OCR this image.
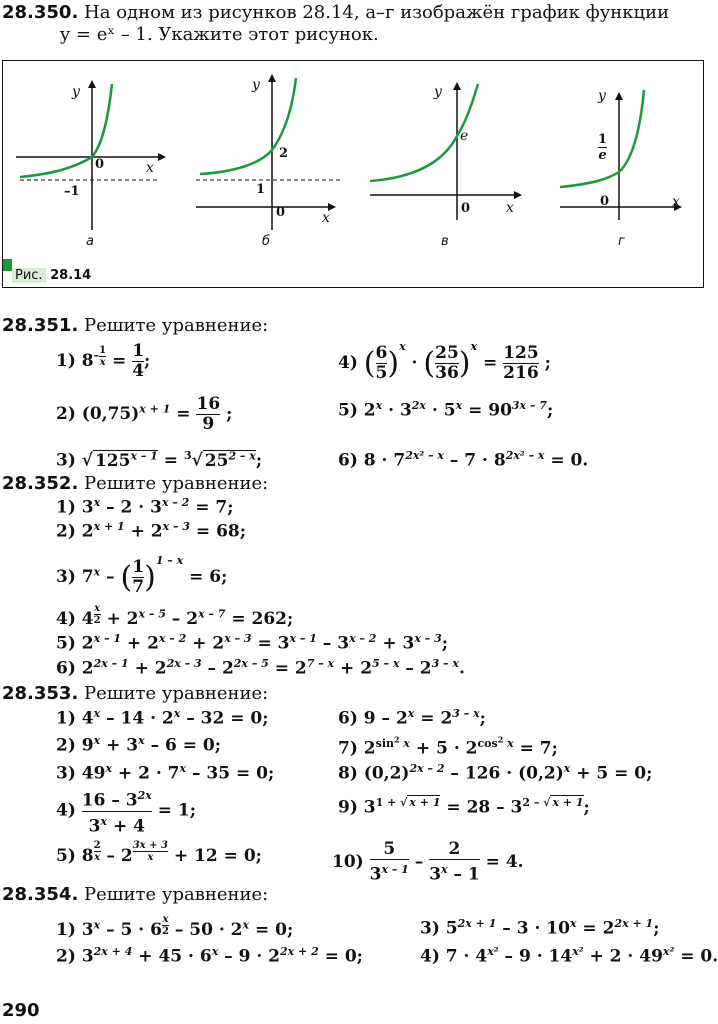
28.350. На одном из рисунков 28.14, а–г изображён график функции
y = eˣ – 1. Укажите этот рисунок.
y
x
0
–1
а
y
x
0
2
1
б
y
x
0
e
в
y
x
0
$\frac{1}{e}$
г
Рис. 28.14
28.351. Решите уравнение:
1) $8^{- \frac{1}{x}} = \frac{1}{4}$ ;
2) $(0,75)^{x + 1} = \frac{16}{9}$ ;
3) √ $125^{x - 1} = ^3√$ 25$^{2 - x}$;
4) ( $\frac{6}{5} )^x$ · ( $\frac{25}{36} )^x = \frac{125}{216}$ ;
5) $2^x \cdot 3^{2x} \cdot 5^x = 90^{3x - 7}$;
6) $8 \cdot 7^{2x^2 - x} - 7 \cdot 8^{2x^2 - x} = 0$.
28.352. Решите уравнение:
1) $3^x - 2 \cdot 3^{x - 2} = 7$;
2) $2^{x + 1} + 2^{x - 3} = 68$;
3) 7$^x$ – ( $\frac{1}{7} )^{1 - x} = 6$;
4) 4 $^{\frac{x}{2}} + 2^{x - 5} - 2^{x - 7} = 262$;
5) $2^{x - 1} + 2^{x - 2} + 2^{x - 3} = 3^{x - 1} - 3^{x - 2} + 3^{x - 3}$;
6) $2^{2x - 1} + 2^{2x - 3} - 2^{2x - 5} = 2^{7 - x} + 2^{5 - x} - 2^{3 - x}$.
28.353. Решите уравнение:
1) $4^x - 14 \cdot 2^x - 32 = 0$;
2) $9^x + 3^x - 6 = 0$;
3) $49^x + 2 \cdot 7^x - 35 = 0$;
$4) \frac{16 - 3^{2x}}{3^x + 4} = 1$;
5) 8 $^{\frac{2}{x}}$ – 2 $^{\frac{3x + 3}{x}}$ + 12 = 0;
6) $9 - 2^x = 2^{3 - x}$;
7) $2^{sin^2 x} + 5 \cdot 2^{cos^2 x} = 7$;
8) $(0,2)^{2x - 2} - 126 \cdot (0,2)^x + 5 = 0$;
9) $3^{1 + √ x + 1} = 28 - 3^{2 - √ x + 1}$;
$10) \frac{5}{3^{x - 1}} - \frac{2}{3^x - 1} = 4$.
28.354. Решите уравнение:
1) 3$^x$ – 5 · 6 $^{\frac{x}{2}} - 50 \cdot 2^x = 0$;
2) $3^{2x + 4} + 45 \cdot 6^x - 9 \cdot 2^{2x + 2} = 0$;
3) $5^{2x + 1} - 3 \cdot 10^x = 2^{2x + 1}$;
4) $7 \cdot 4^{x^2} - 9 \cdot 14^{x^2} + 2 \cdot 49^{x^2} = 0$.
290
